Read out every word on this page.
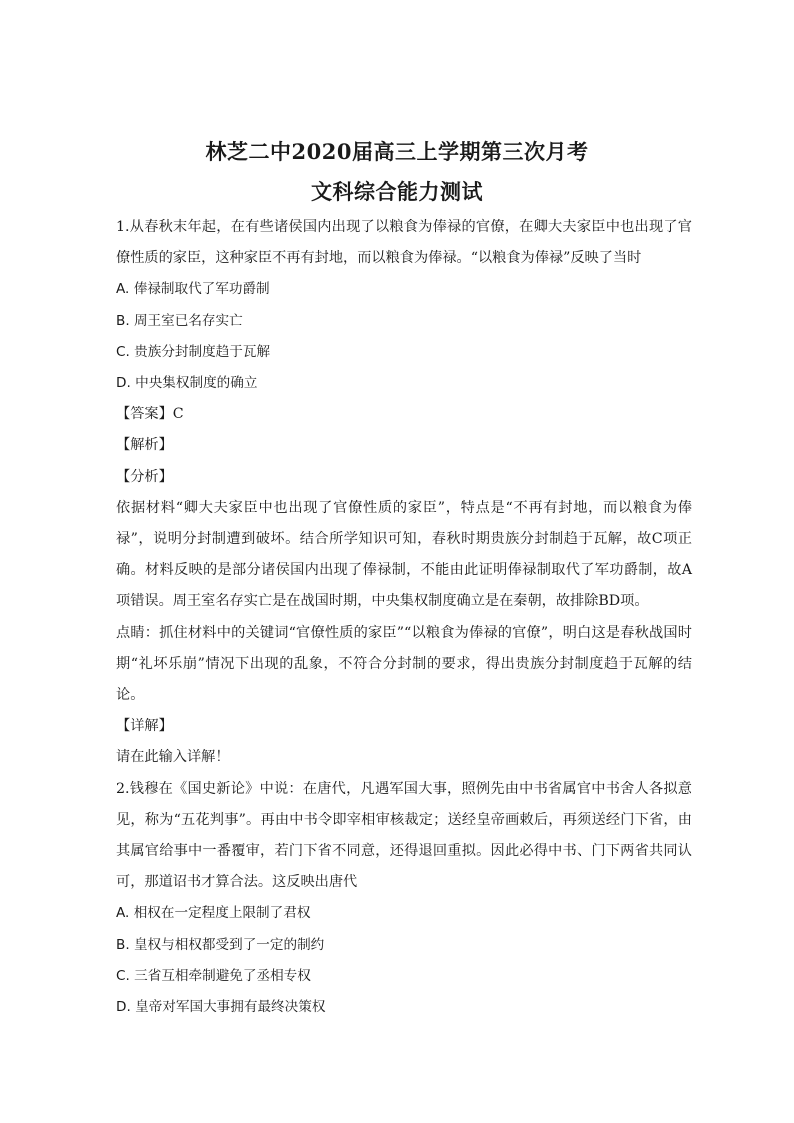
林芝二中2020届高三上学期第三次月考
文科综合能力测试

1.从春秋末年起，在有些诸侯国内出现了以粮食为俸禄的官僚，在卿大夫家臣中也出现了官僚性质的家臣，这种家臣不再有封地，而以粮食为俸禄。“以粮食为俸禄”反映了当时

A. 俸禄制取代了军功爵制

B. 周王室已名存实亡

C. 贵族分封制度趋于瓦解

D. 中央集权制度的确立

【答案】C

【解析】

【分析】

依据材料“卿大夫家臣中也出现了官僚性质的家臣”，特点是“不再有封地，而以粮食为俸禄”，说明分封制遭到破坏。结合所学知识可知，春秋时期贵族分封制趋于瓦解，故C项正确。材料反映的是部分诸侯国内出现了俸禄制，不能由此证明俸禄制取代了军功爵制，故A项错误。周王室名存实亡是在战国时期，中央集权制度确立是在秦朝，故排除BD项。

点睛：抓住材料中的关键词“官僚性质的家臣”“以粮食为俸禄的官僚”，明白这是春秋战国时期“礼坏乐崩”情况下出现的乱象，不符合分封制的要求，得出贵族分封制度趋于瓦解的结论。

【详解】

请在此输入详解！

2.钱穆在《国史新论》中说：在唐代，凡遇军国大事，照例先由中书省属官中书舍人各拟意见，称为“五花判事”。再由中书令即宰相审核裁定；送经皇帝画敕后，再须送经门下省，由其属官给事中一番覆审，若门下省不同意，还得退回重拟。因此必得中书、门下两省共同认可，那道诏书才算合法。这反映出唐代

A. 相权在一定程度上限制了君权

B. 皇权与相权都受到了一定的制约

C. 三省互相牵制避免了丞相专权

D. 皇帝对军国大事拥有最终决策权
